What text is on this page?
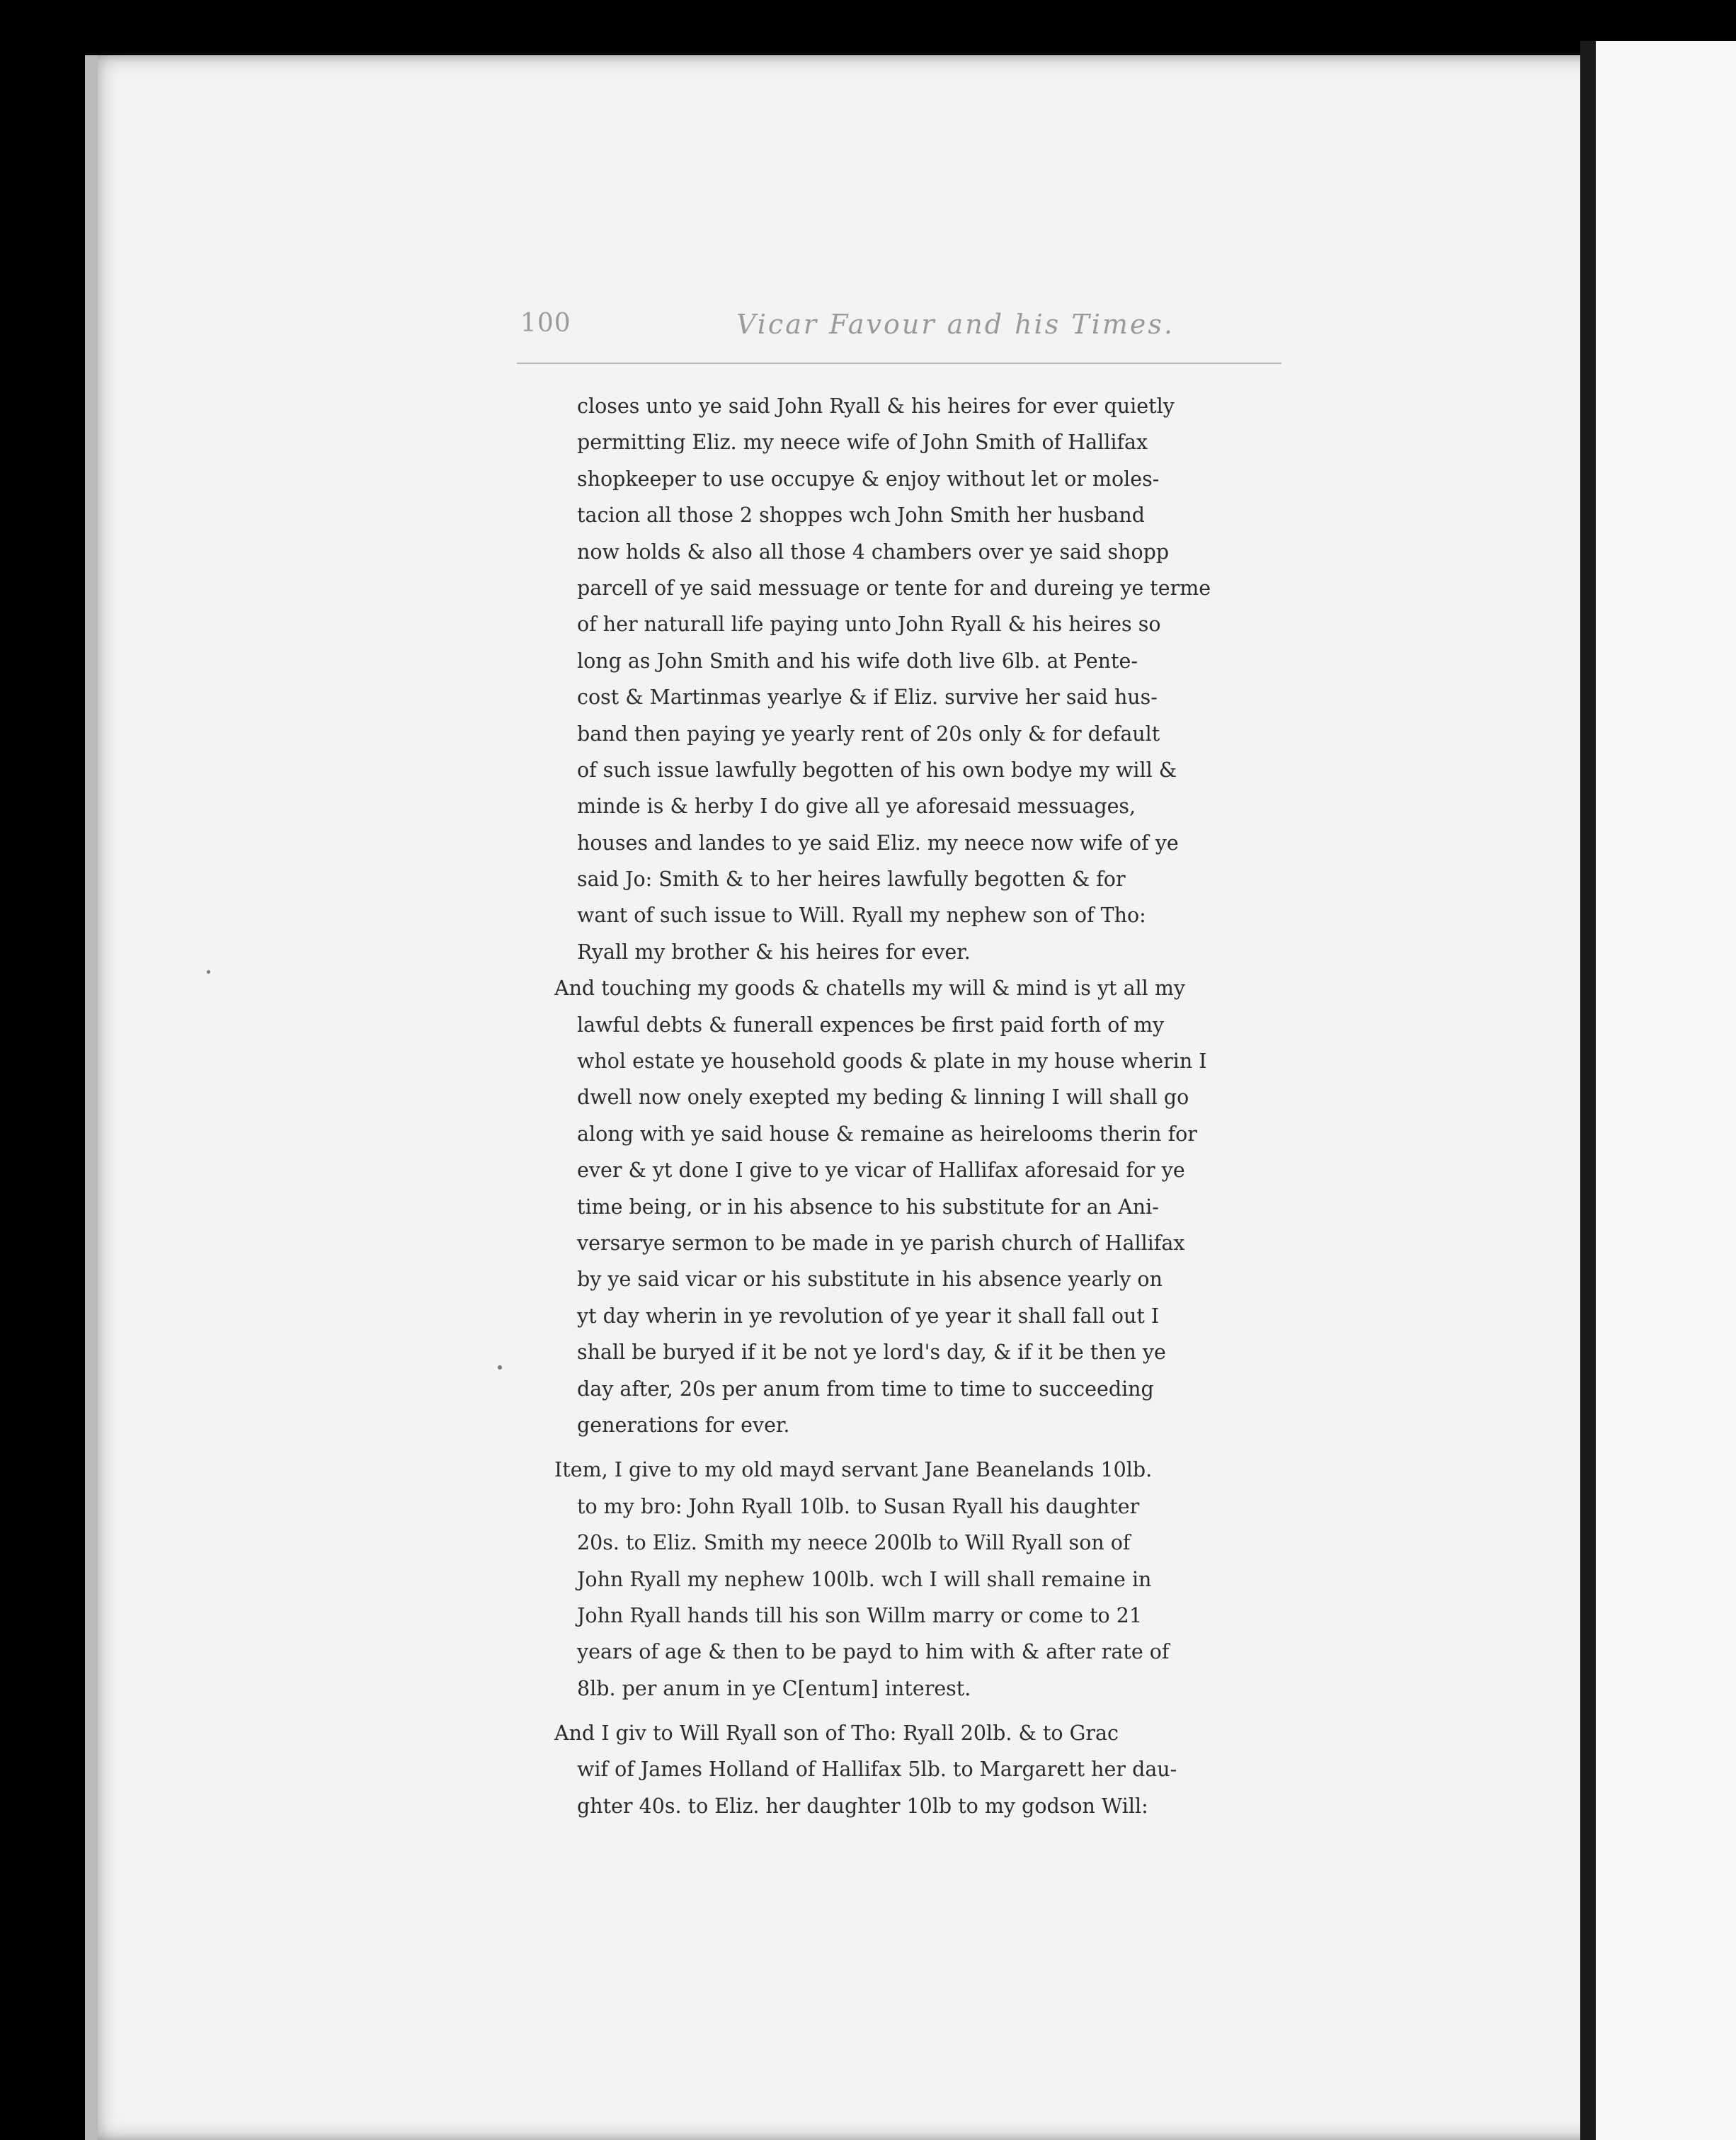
100	Vicar Favour and his Times.
closes unto ye said John Ryall & his heires for ever quietly
permitting Eliz. my neece wife of John Smith of Hallifax
shopkeeper to use occupye & enjoy without let or moles-
tacion all those 2 shoppes wch John Smith her husband
now holds & also all those 4 chambers over ye said shopp
parcell of ye said messuage or tente for and dureing ye terme
of her naturall life paying unto John Ryall & his heires so
long as John Smith and his wife doth live 6lb. at Pente-
cost & Martinmas yearlye & if Eliz. survive her said hus-
band then paying ye yearly rent of 20s only & for default
of such issue lawfully begotten of his own bodye my will &
minde is & herby I do give all ye aforesaid messuages,
houses and landes to ye said Eliz. my neece now wife of ye
said Jo: Smith & to her heires lawfully begotten & for
want of such issue to Will. Ryall my nephew son of Tho:
Ryall my brother & his heires for ever.
And touching my goods & chatells my will & mind is yt all my
lawful debts & funerall expences be first paid forth of my
whol estate ye household goods & plate in my house wherin I
dwell now onely exepted my beding & linning I will shall go
along with ye said house & remaine as heirelooms therin for
ever & yt done I give to ye vicar of Hallifax aforesaid for ye
time being, or in his absence to his substitute for an Ani-
versarye sermon to be made in ye parish church of Hallifax
by ye said vicar or his substitute in his absence yearly on
yt day wherin in ye revolution of ye year it shall fall out I
shall be buryed if it be not ye lord's day, & if it be then ye
day after, 20s per anum from time to time to succeeding
generations for ever.
Item, I give to my old mayd servant Jane Beanelands 10lb.
to my bro: John Ryall 10lb. to Susan Ryall his daughter
20s. to Eliz. Smith my neece 200lb to Will Ryall son of
John Ryall my nephew 100lb. wch I will shall remaine in
John Ryall hands till his son Willm marry or come to 21
years of age & then to be payd to him with & after rate of
8lb. per anum in ye C[entum] interest.
And I giv to Will Ryall son of Tho: Ryall 20lb. & to Grac
wif of James Holland of Hallifax 5lb. to Margarett her dau-
ghter 40s. to Eliz. her daughter 10lb to my godson Will:
